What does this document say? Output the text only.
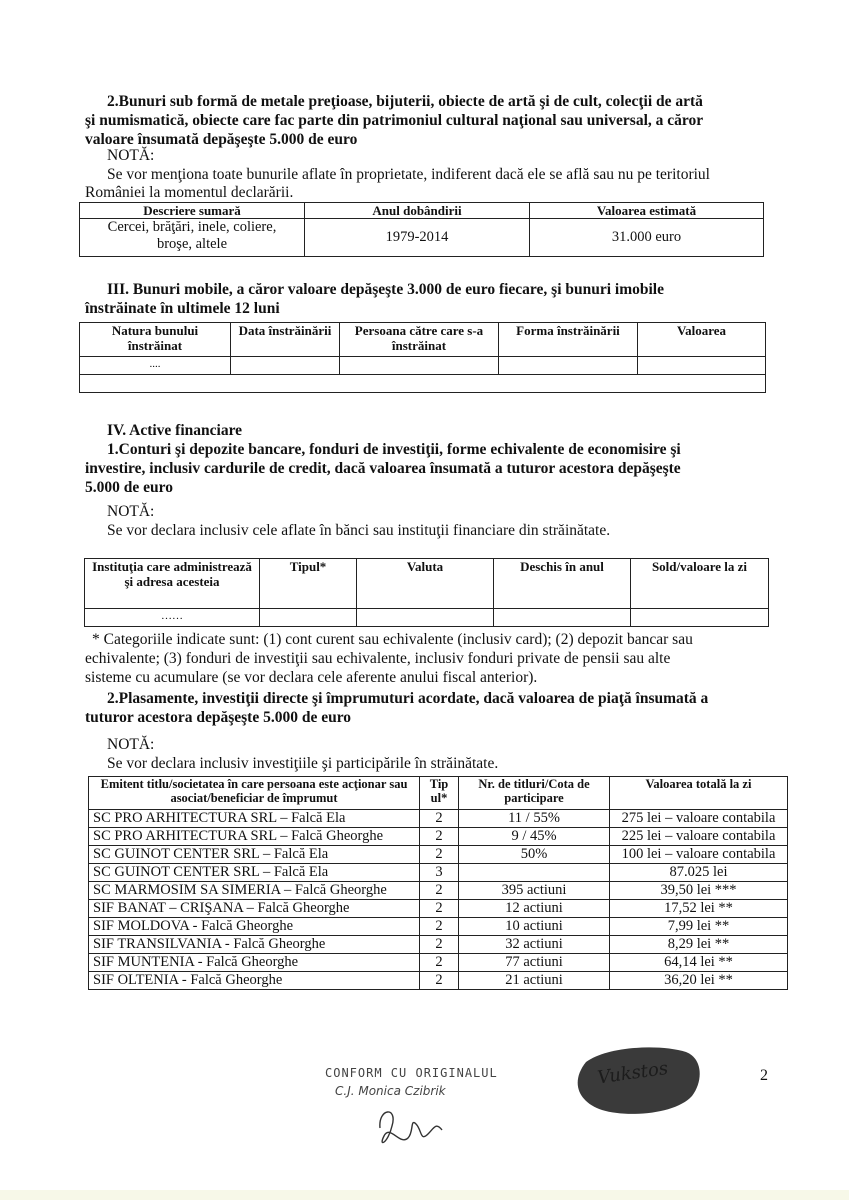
2.Bunuri sub formă de metale preţioase, bijuterii, obiecte de artă şi de cult, colecţii de artă
şi numismatică, obiecte care fac parte din patrimoniul cultural naţional sau universal, a căror
valoare însumată depăşeşte 5.000 de euro
NOTĂ:
Se vor menţiona toate bunurile aflate în proprietate, indiferent dacă ele se află sau nu pe teritoriul
României la momentul declarării.
Descriere sumară	Anul dobândirii	Valoarea estimată

Cercei, brăţări, inele, coliere,
broşe, altele	1979-2014	31.000 euro
III. Bunuri mobile, a căror valoare depăşeşte 3.000 de euro fiecare, şi bunuri imobile
înstrăinate în ultimele 12 luni
Natura bunului înstrăinat	Data înstrăinării	Persoana către care s-a înstrăinat	Forma înstrăinării	Valoarea
....				

IV. Active financiare
1.Conturi şi depozite bancare, fonduri de investiţii, forme echivalente de economisire şi
investire, inclusiv cardurile de credit, dacă valoarea însumată a tuturor acestora depăşeşte
5.000 de euro
NOTĂ:
Se vor declara inclusiv cele aflate în bănci sau instituţii financiare din străinătate.
Instituţia care administrează şi adresa acesteia	Tipul*	Valuta	Deschis în anul	Sold/valoare la zi
……				
* Categoriile indicate sunt: (1) cont curent sau echivalente (inclusiv card); (2) depozit bancar sau
echivalente; (3) fonduri de investiţii sau echivalente, inclusiv fonduri private de pensii sau alte
sisteme cu acumulare (se vor declara cele aferente anului fiscal anterior).
2.Plasamente, investiţii directe şi împrumuturi acordate, dacă valoarea de piaţă însumată a
tuturor acestora depăşeşte 5.000 de euro
NOTĂ:
Se vor declara inclusiv investiţiile şi participările în străinătate.
Emitent titlu/societatea în care persoana este acţionar sau asociat/beneficiar de împrumut	Tip ul*	Nr. de titluri/Cota de participare	Valoarea totală la zi
SC PRO ARHITECTURA SRL – Falcă Ela	2	11 / 55%	275 lei – valoare contabila
SC PRO ARHITECTURA SRL – Falcă Gheorghe	2	9 / 45%	225 lei – valoare contabila
SC GUINOT CENTER SRL – Falcă Ela	2	50%	100 lei – valoare contabila
SC GUINOT CENTER SRL – Falcă Ela	3		87.025 lei
SC MARMOSIM SA SIMERIA – Falcă Gheorghe	2	395 actiuni	39,50 lei ***
SIF BANAT – CRIŞANA – Falcă Gheorghe	2	12 actiuni	17,52 lei **
SIF MOLDOVA - Falcă Gheorghe	2	10 actiuni	7,99 lei **
SIF TRANSILVANIA - Falcă Gheorghe	2	32 actiuni	8,29 lei **
SIF MUNTENIA - Falcă Gheorghe	2	77 actiuni	64,14 lei **
SIF OLTENIA - Falcă Gheorghe	2	21 actiuni	36,20 lei **
CONFORM CU ORIGINALUL
C.J. Monica Czibrik
Vukstos	2
